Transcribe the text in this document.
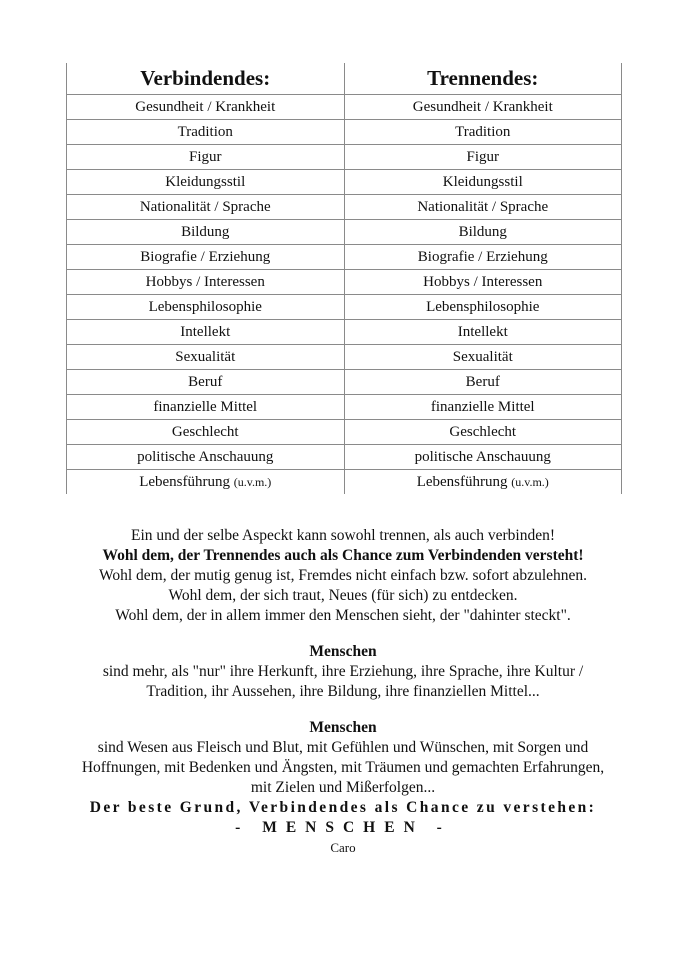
Verbindendes:	Trennendes:
Gesundheit / Krankheit	Gesundheit / Krankheit
Tradition	Tradition
Figur	Figur
Kleidungsstil	Kleidungsstil
Nationalität / Sprache	Nationalität / Sprache
Bildung	Bildung
Biografie / Erziehung	Biografie / Erziehung
Hobbys / Interessen	Hobbys / Interessen
Lebensphilosophie	Lebensphilosophie
Intellekt	Intellekt
Sexualität	Sexualität
Beruf	Beruf
finanzielle Mittel	finanzielle Mittel
Geschlecht	Geschlecht
politische Anschauung	politische Anschauung
Lebensführung (u.v.m.)	Lebensführung (u.v.m.)

Ein und der selbe Aspeckt kann sowohl trennen, als auch verbinden!

Wohl dem, der Trennendes auch als Chance zum Verbindenden versteht!

Wohl dem, der mutig genug ist, Fremdes nicht einfach bzw. sofort abzulehnen.

Wohl dem, der sich traut, Neues (für sich) zu entdecken.

Wohl dem, der in allem immer den Menschen sieht, der "dahinter steckt".

Menschen

sind mehr, als "nur" ihre Herkunft, ihre Erziehung, ihre Sprache, ihre Kultur /

Tradition, ihr Aussehen, ihre Bildung, ihre finanziellen Mittel...

Menschen

sind Wesen aus Fleisch und Blut, mit Gefühlen und Wünschen, mit Sorgen und

Hoffnungen, mit Bedenken und Ängsten, mit Träumen und gemachten Erfahrungen,

mit Zielen und Mißerfolgen...

Der beste Grund, Verbindendes als Chance zu verstehen:

- MENSCHEN -

Caro
